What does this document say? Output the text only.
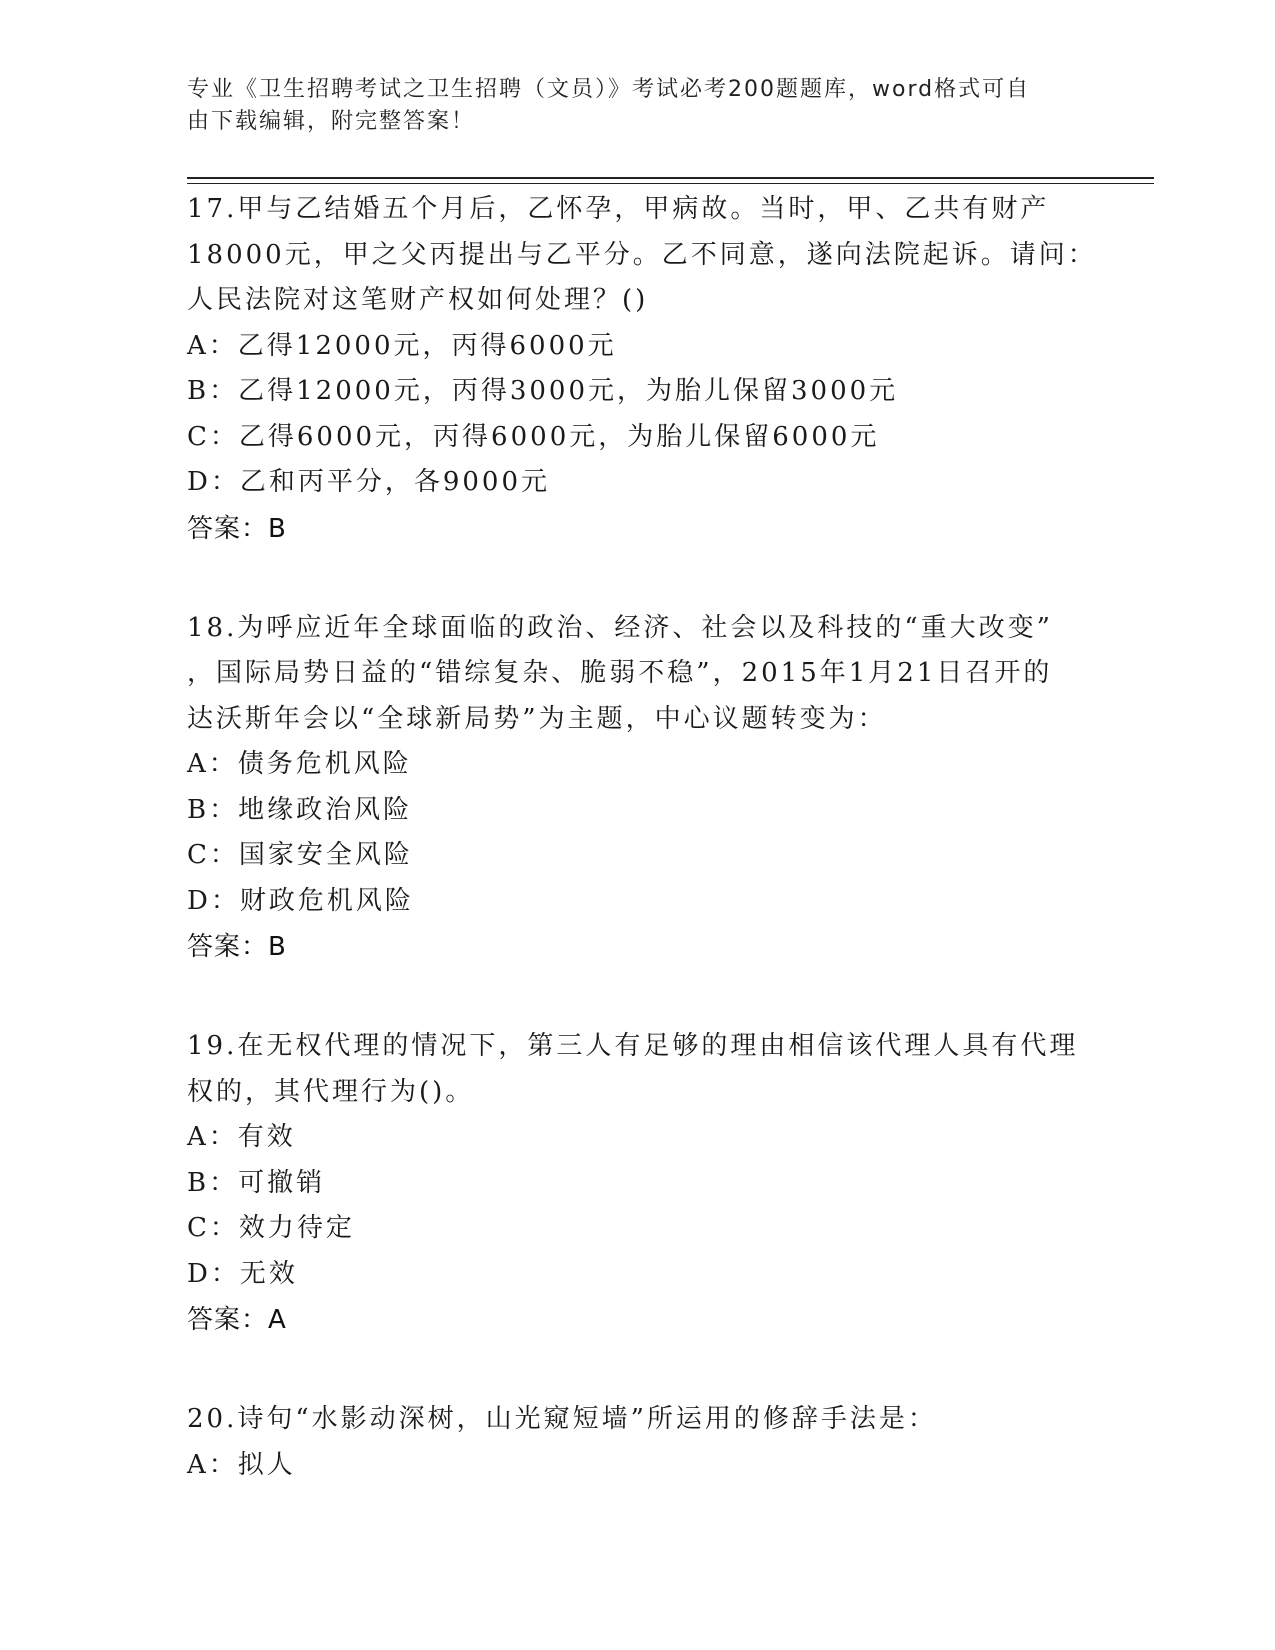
专业《卫生招聘考试之卫生招聘（文员）》考试必考200题题库，word格式可自
由下载编辑，附完整答案！
17.甲与乙结婚五个月后，乙怀孕，甲病故。当时，甲、乙共有财产
18000元，甲之父丙提出与乙平分。乙不同意，遂向法院起诉。请问：
人民法院对这笔财产权如何处理？()
A：乙得12000元，丙得6000元
B：乙得12000元，丙得3000元，为胎儿保留3000元
C：乙得6000元，丙得6000元，为胎儿保留6000元
D：乙和丙平分，各9000元
答案：B
18.为呼应近年全球面临的政治、经济、社会以及科技的“重大改变”
，国际局势日益的“错综复杂、脆弱不稳”，2015年1月21日召开的
达沃斯年会以“全球新局势”为主题，中心议题转变为：
A：债务危机风险
B：地缘政治风险
C：国家安全风险
D：财政危机风险
答案：B
19.在无权代理的情况下，第三人有足够的理由相信该代理人具有代理
权的，其代理行为()。
A：有效
B：可撤销
C：效力待定
D：无效
答案：A
20.诗句“水影动深树，山光窥短墙”所运用的修辞手法是：
A：拟人
